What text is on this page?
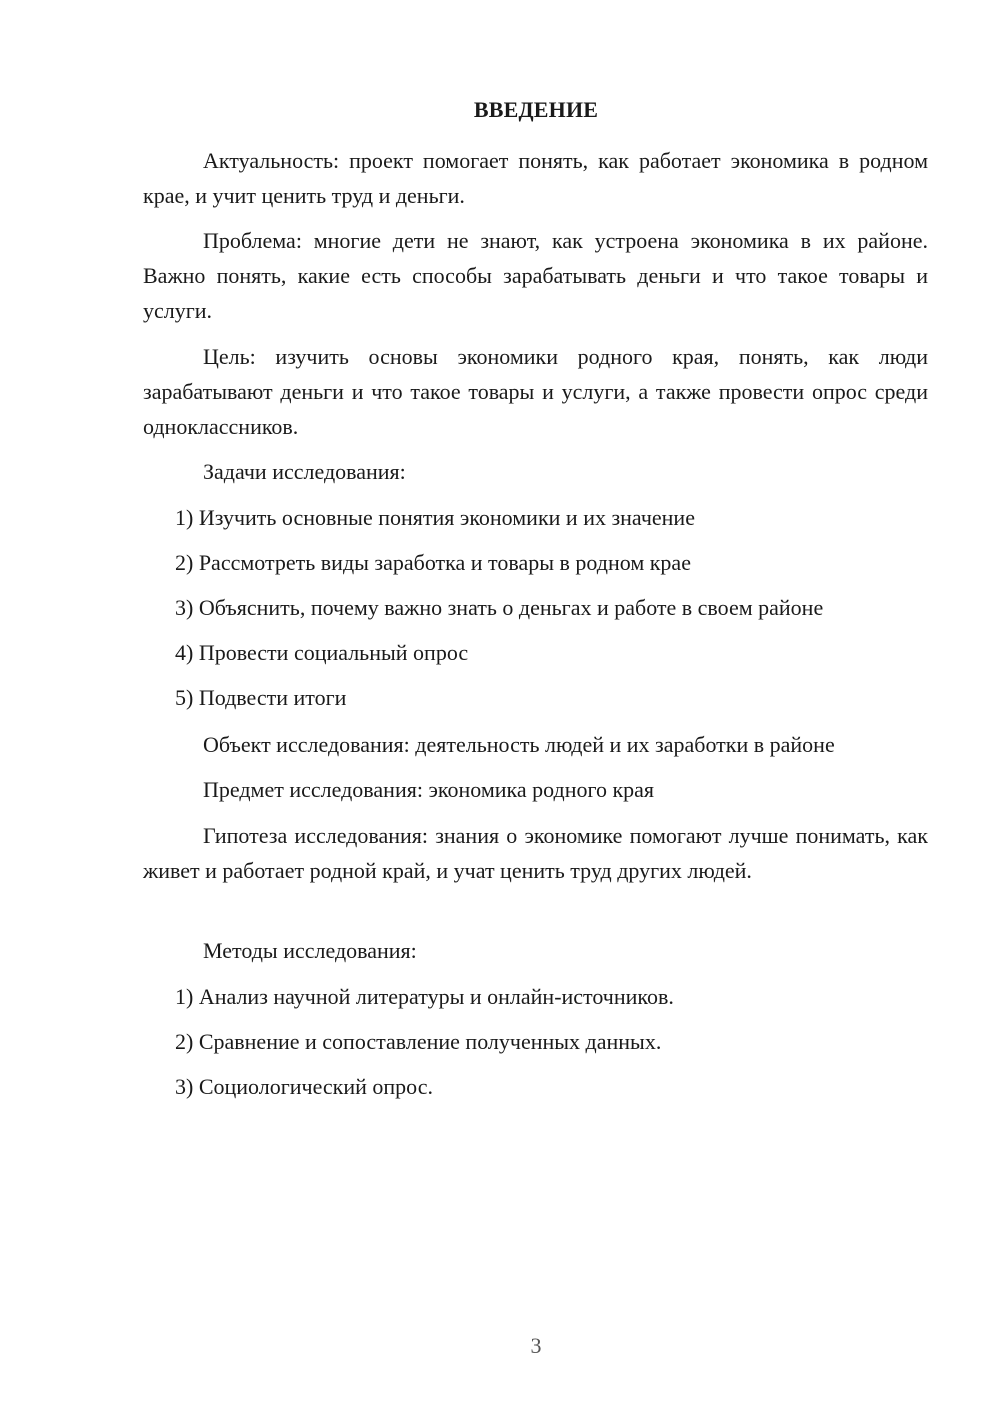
ВВЕДЕНИЕ
Актуальность: проект помогает понять, как работает экономика в родном крае, и учит ценить труд и деньги.
Проблема: многие дети не знают, как устроена экономика в их районе. Важно понять, какие есть способы зарабатывать деньги и что такое товары и услуги.
Цель: изучить основы экономики родного края, понять, как люди зарабатывают деньги и что такое товары и услуги, а также провести опрос среди одноклассников.
Задачи исследования:
1) Изучить основные понятия экономики и их значение
2) Рассмотреть виды заработка и товары в родном крае
3) Объяснить, почему важно знать о деньгах и работе в своем районе
4) Провести социальный опрос
5) Подвести итоги
Объект исследования: деятельность людей и их заработки в районе
Предмет исследования: экономика родного края
Гипотеза исследования: знания о экономике помогают лучше понимать, как живет и работает родной край, и учат ценить труд других людей.
Методы исследования:
1) Анализ научной литературы и онлайн-источников.
2) Сравнение и сопоставление полученных данных.
3) Социологический опрос.
3
